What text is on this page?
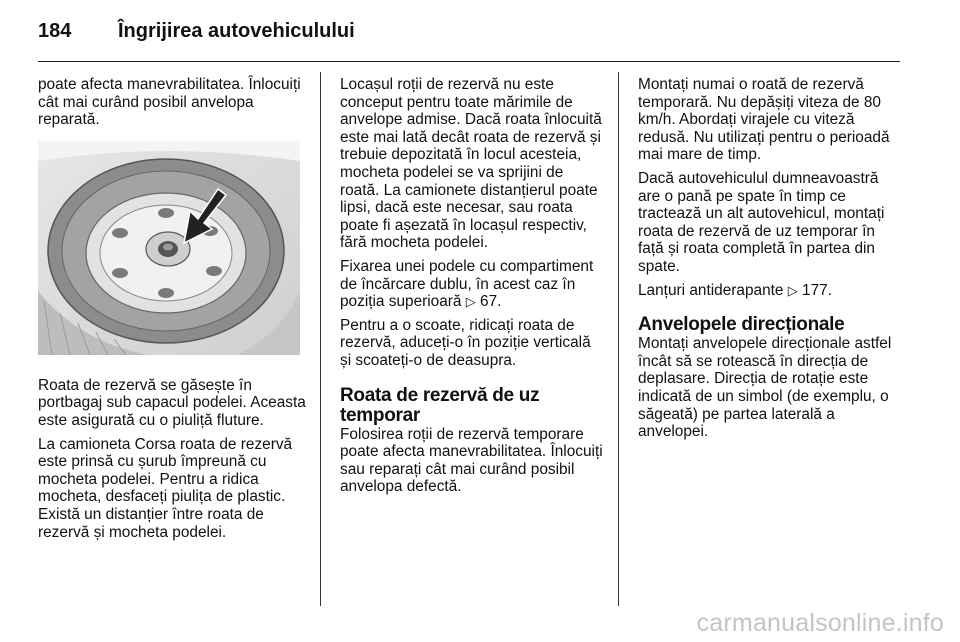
184 Îngrijirea autovehiculului

poate afecta manevrabilitatea. Înlocuiți cât mai curând posibil anvelopa reparată.

Roata de rezervă se găsește în portbagaj sub capacul podelei. Aceasta este asigurată cu o piuliță fluture.

La camioneta Corsa roata de rezervă este prinsă cu șurub împreună cu mocheta podelei. Pentru a ridica mocheta, desfaceți piulița de plastic. Există un distanțier între roata de rezervă și mocheta podelei.

Locașul roții de rezervă nu este conceput pentru toate mărimile de anvelope admise. Dacă roata înlocuită este mai lată decât roata de rezervă și trebuie depozitată în locul acesteia, mocheta podelei se va sprijini de roată. La camionete distanțierul poate lipsi, dacă este necesar, sau roata poate fi așezată în locașul respectiv, fără mocheta podelei.

Fixarea unei podele cu compartiment de încărcare dublu, în acest caz în poziția superioară ▷ 67.

Pentru a o scoate, ridicați roata de rezervă, aduceți-o în poziție verticală și scoateți-o de deasupra.

Roata de rezervă de uz temporar

Folosirea roții de rezervă temporare poate afecta manevrabilitatea. Înlocuiți sau reparați cât mai curând posibil anvelopa defectă.

Montați numai o roată de rezervă temporară. Nu depășiți viteza de 80 km/h. Abordați virajele cu viteză redusă. Nu utilizați pentru o perioadă mai mare de timp.

Dacă autovehiculul dumneavoastră are o pană pe spate în timp ce tractează un alt autovehicul, montați roata de rezervă de uz temporar în față și roata completă în partea din spate.

Lanțuri antiderapante ▷ 177.

Anvelopele direcționale

Montați anvelopele direcționale astfel încât să se rotească în direcția de deplasare. Direcția de rotație este indicată de un simbol (de exemplu, o săgeată) pe partea laterală a anvelopei.

carmanualsonline.info
